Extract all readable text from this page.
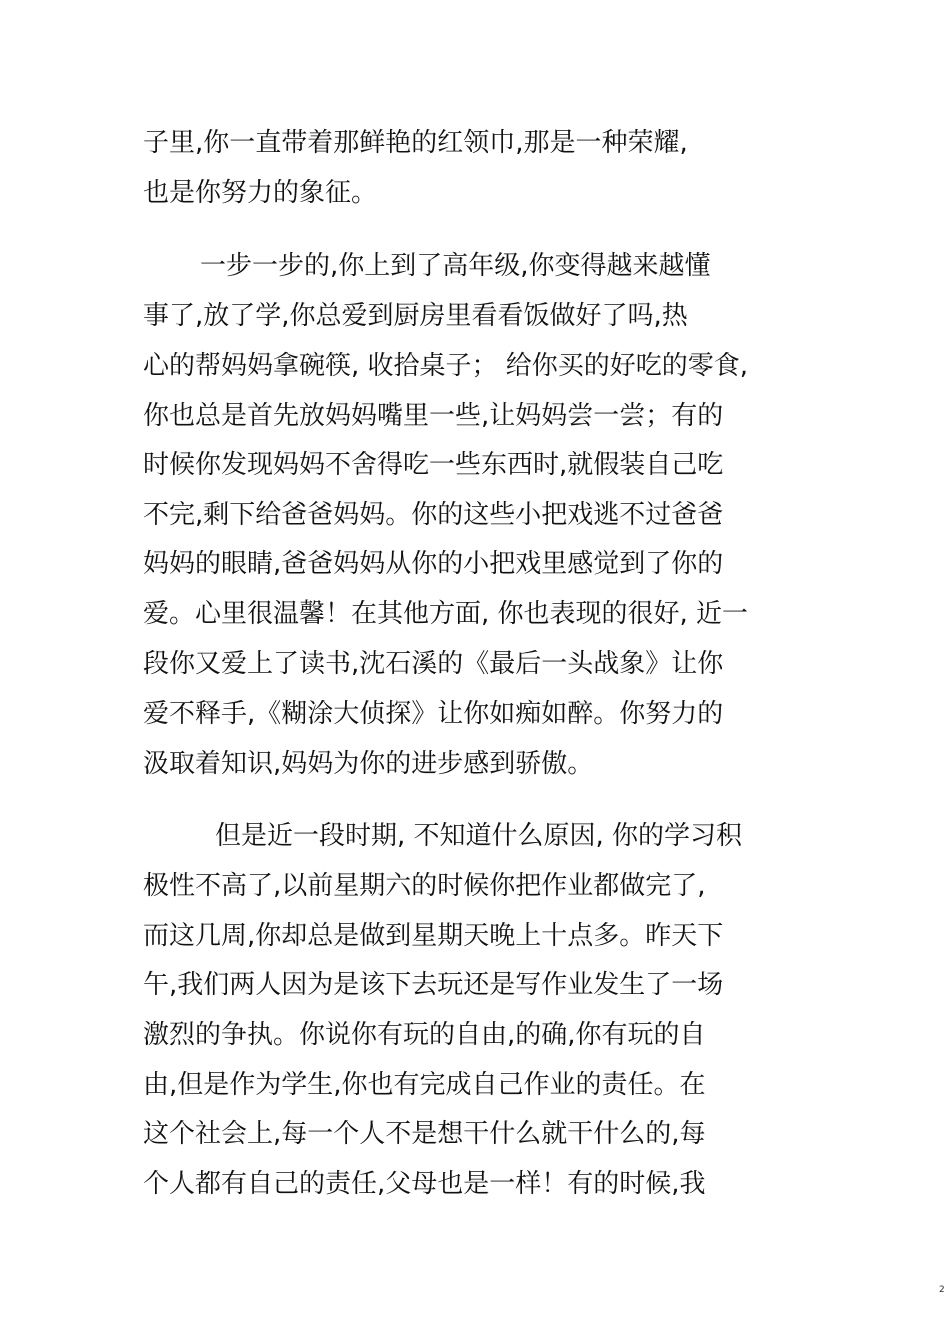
子里,你一直带着那鲜艳的红领巾,那是一种荣耀,
也是你努力的象征。
一步一步的,你上到了高年级,你变得越来越懂
事了,放了学,你总爱到厨房里看看饭做好了吗,热
心的帮妈妈拿碗筷, 收拾桌子； 给你买的好吃的零食,
你也总是首先放妈妈嘴里一些,让妈妈尝一尝；有的
时候你发现妈妈不舍得吃一些东西时,就假装自己吃
不完,剩下给爸爸妈妈。你的这些小把戏逃不过爸爸
妈妈的眼睛,爸爸妈妈从你的小把戏里感觉到了你的
爱。心里很温馨！在其他方面, 你也表现的很好, 近一
段你又爱上了读书,沈石溪的《最后一头战象》让你
爱不释手,《糊涂大侦探》让你如痴如醉。你努力的
汲取着知识,妈妈为你的进步感到骄傲。
但是近一段时期, 不知道什么原因, 你的学习积
极性不高了,以前星期六的时候你把作业都做完了,
而这几周,你却总是做到星期天晚上十点多。昨天下
午,我们两人因为是该下去玩还是写作业发生了一场
激烈的争执。你说你有玩的自由,的确,你有玩的自
由,但是作为学生,你也有完成自己作业的责任。在
这个社会上,每一个人不是想干什么就干什么的,每
个人都有自己的责任,父母也是一样！有的时候,我
2
